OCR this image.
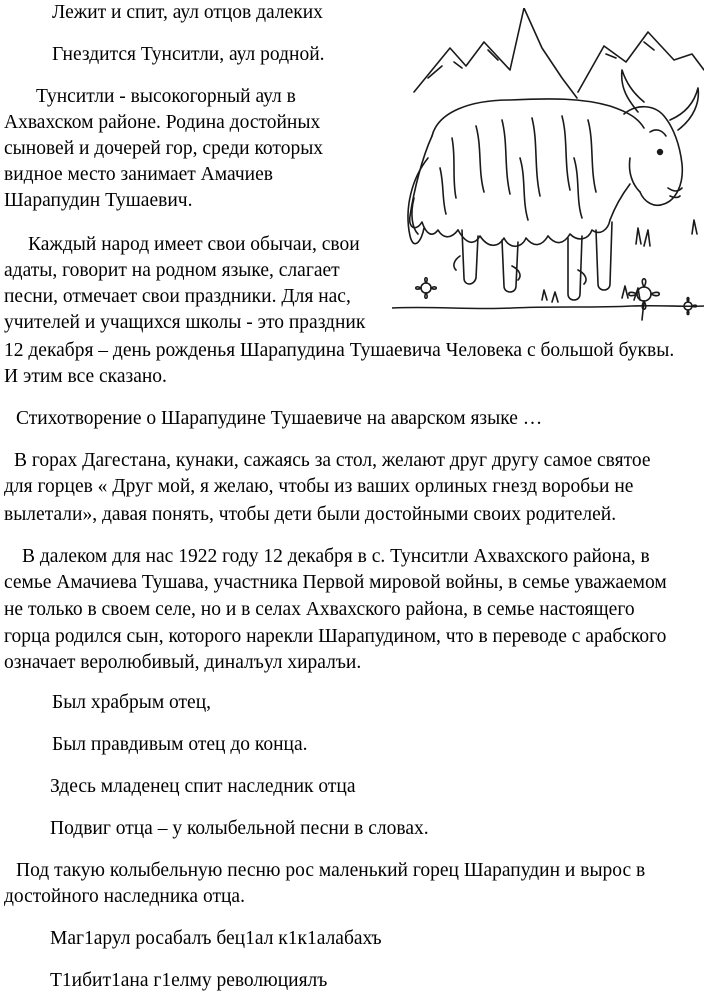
Лежит и спит, аул отцов далеких
Гнездится Тунситли, аул родной.
Тунситли - высокогорный аул в
Ахвахском районе. Родина достойных
сыновей и дочерей гор, среди которых
видное место занимает Амачиев
Шарапудин Тушаевич.
Каждый народ имеет свои обычаи, свои
адаты, говорит на родном языке, слагает
песни, отмечает свои праздники. Для нас,
учителей и учащихся школы - это праздник
12 декабря – день рожденья Шарапудина Тушаевича Человека с большой буквы.
И этим все сказано.
Стихотворение о Шарапудине Тушаевиче на аварском языке …
В горах Дагестана, кунаки, сажаясь за стол, желают друг другу самое святое
для горцев « Друг мой, я желаю, чтобы из ваших орлиных гнезд воробьи не
вылетали», давая понять, чтобы дети были достойными своих родителей.
В далеком для нас 1922 году 12 декабря в с. Тунситли Ахвахского района, в
семье Амачиева Тушава, участника Первой мировой войны, в семье уважаемом
не только в своем селе, но и в селах Ахвахского района, в семье настоящего
горца родился сын, которого нарекли Шарапудином, что в переводе с арабского
означает веролюбивый, диналъул хиралъи.
Был храбрым отец,
Был правдивым отец до конца.
Здесь младенец спит наследник отца
Подвиг отца – у колыбельной песни в словах.
Под такую колыбельную песню рос маленький горец Шарапудин и вырос в
достойного наследника отца.
Маг1арул росабалъ бец1ал к1к1алабахъ
Т1ибит1ана г1елму революциялъ
